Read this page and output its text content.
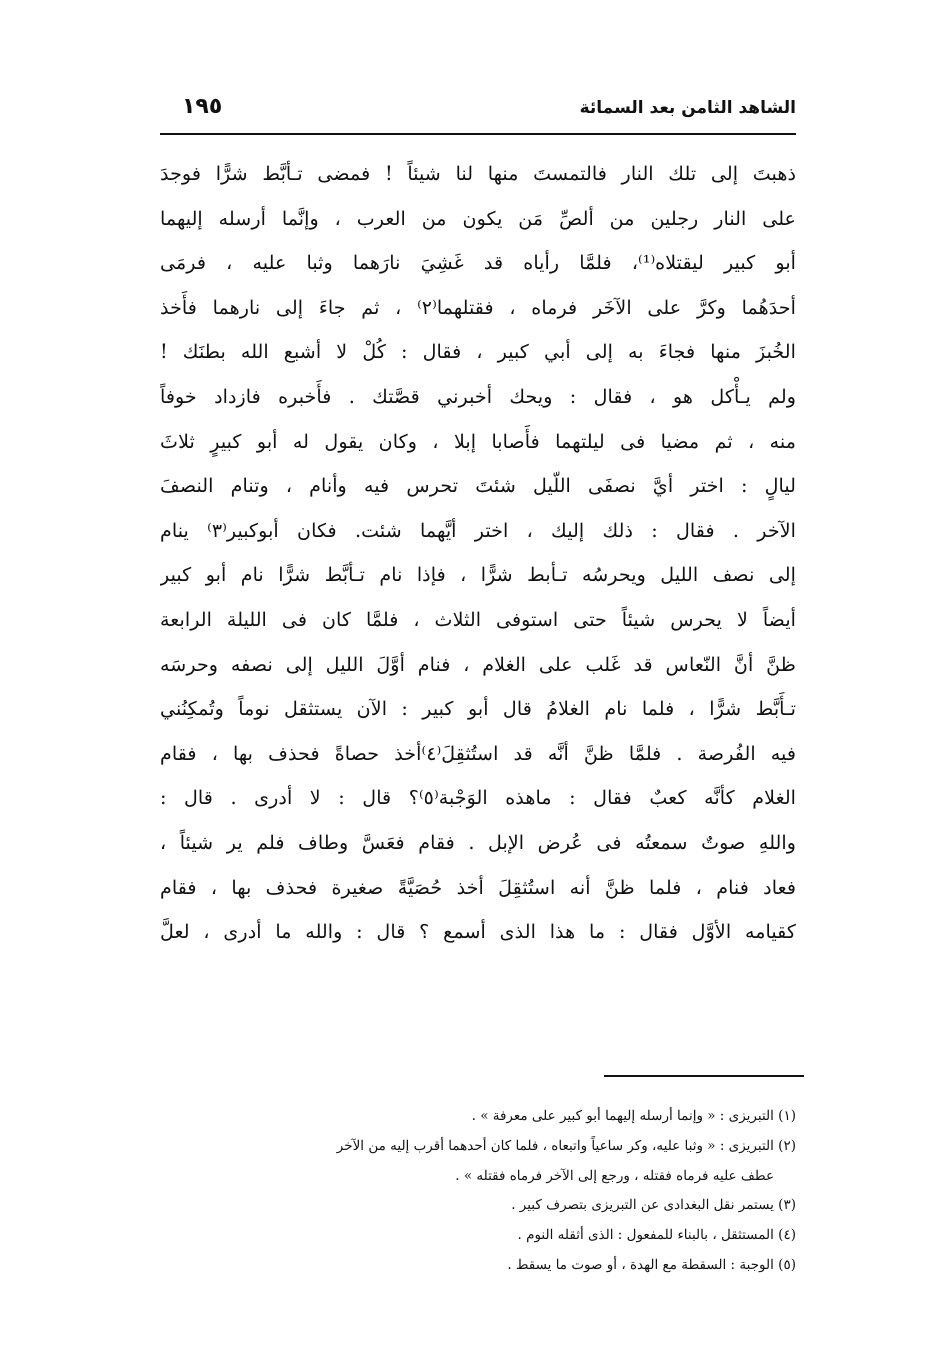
الشاهد الثامن بعد السمائة
١٩٥
ذهبتَ إلى تلك النار فالتمستَ منها لنا شيئاً ! فمضى تـأبَّط شرًّا فوجدَ
على النار رجلين من ألصِّ مَن يكون من العرب ، وإنَّما أرسله إليهما
أبو كبير ليقتلاه⁽¹⁾، فلمَّا رأياه قد غَشِيَ نارَهما وثبا عليه ، فرمَى
أحدَهُما وكرَّ على الآخَر فرماه ، فقتلهما⁽٢⁾ ، ثم جاءَ إلى نارهما فأَخذ
الخُبزَ منها فجاءَ به إلى أبي كبير ، فقال : كُلْ لا أشبع الله بطنَك !
ولم يـأْكل هو ، فقال : ويحك أخبرني قصَّتك . فأَخبره فازداد خوفاً
منه ، ثم مضيا فى ليلتهما فأَصابا إبلا ، وكان يقول له أبو كبيرٍ ثلاثَ
ليالٍ : اختر أيَّ نصفَى اللّيل شئتَ تحرس فيه وأنام ، وتنام النصفَ
الآخر . فقال : ذلك إليك ، اختر أيَّهما شئت. فكان أبوكبير⁽٣⁾ ينام
إلى نصف الليل ويحرسُه تـأبط شرًّا ، فإذا نام تـأبَّط شرًّا نام أبو كبير
أيضاً لا يحرس شيئاً حتى استوفى الثلاث ، فلمَّا كان فى الليلة الرابعة
ظنَّ أنَّ النّعاس قد غَلب على الغلام ، فنام أوَّلَ الليل إلى نصفه وحرسَه
تـأَبَّط شرًّا ، فلما نام الغلامُ قال أبو كبير : الآن يستثقل نوماً وتُمكِنُني
فيه الفُرصة . فلمَّا ظنَّ أنَّه قد استُثقِلَ⁽٤⁾أخذ حصاةً فحذف بها ، فقام
الغلام كأنَّه كعبٌ فقال : ماهذه الوَجْبة⁽٥⁾؟ قال : لا أدرى . قال :
واللهِ صوتٌ سمعتُه فى عُرض الإبل . فقام فعَسَّ وطاف فلم ير شيئاً ،
فعاد فنام ، فلما ظنَّ أنه استُثقِلَ أخذ حُصَيَّةً صغيرة فحذف بها ، فقام
كقيامه الأوَّل فقال : ما هذا الذى أسمع ؟ قال : والله ما أدرى ، لعلَّ
(١) التبريزى : « وإنما أرسله إليهما أبو كبير على معرفة » .
(٢) التبريزى : « وثبا عليه، وكر ساعياً واتبعاه ، فلما كان أحدهما أقرب إليه من الآخر
عطف عليه فرماه فقتله ، ورجع إلى الآخر فرماه فقتله » .
(٣) يستمر نقل البغدادى عن التبريزى بتصرف كبير .
(٤) المستثقل ، بالبناء للمفعول : الذى أثقله النوم .
(٥) الوجبة : السقطة مع الهدة ، أو صوت ما يسقط .
